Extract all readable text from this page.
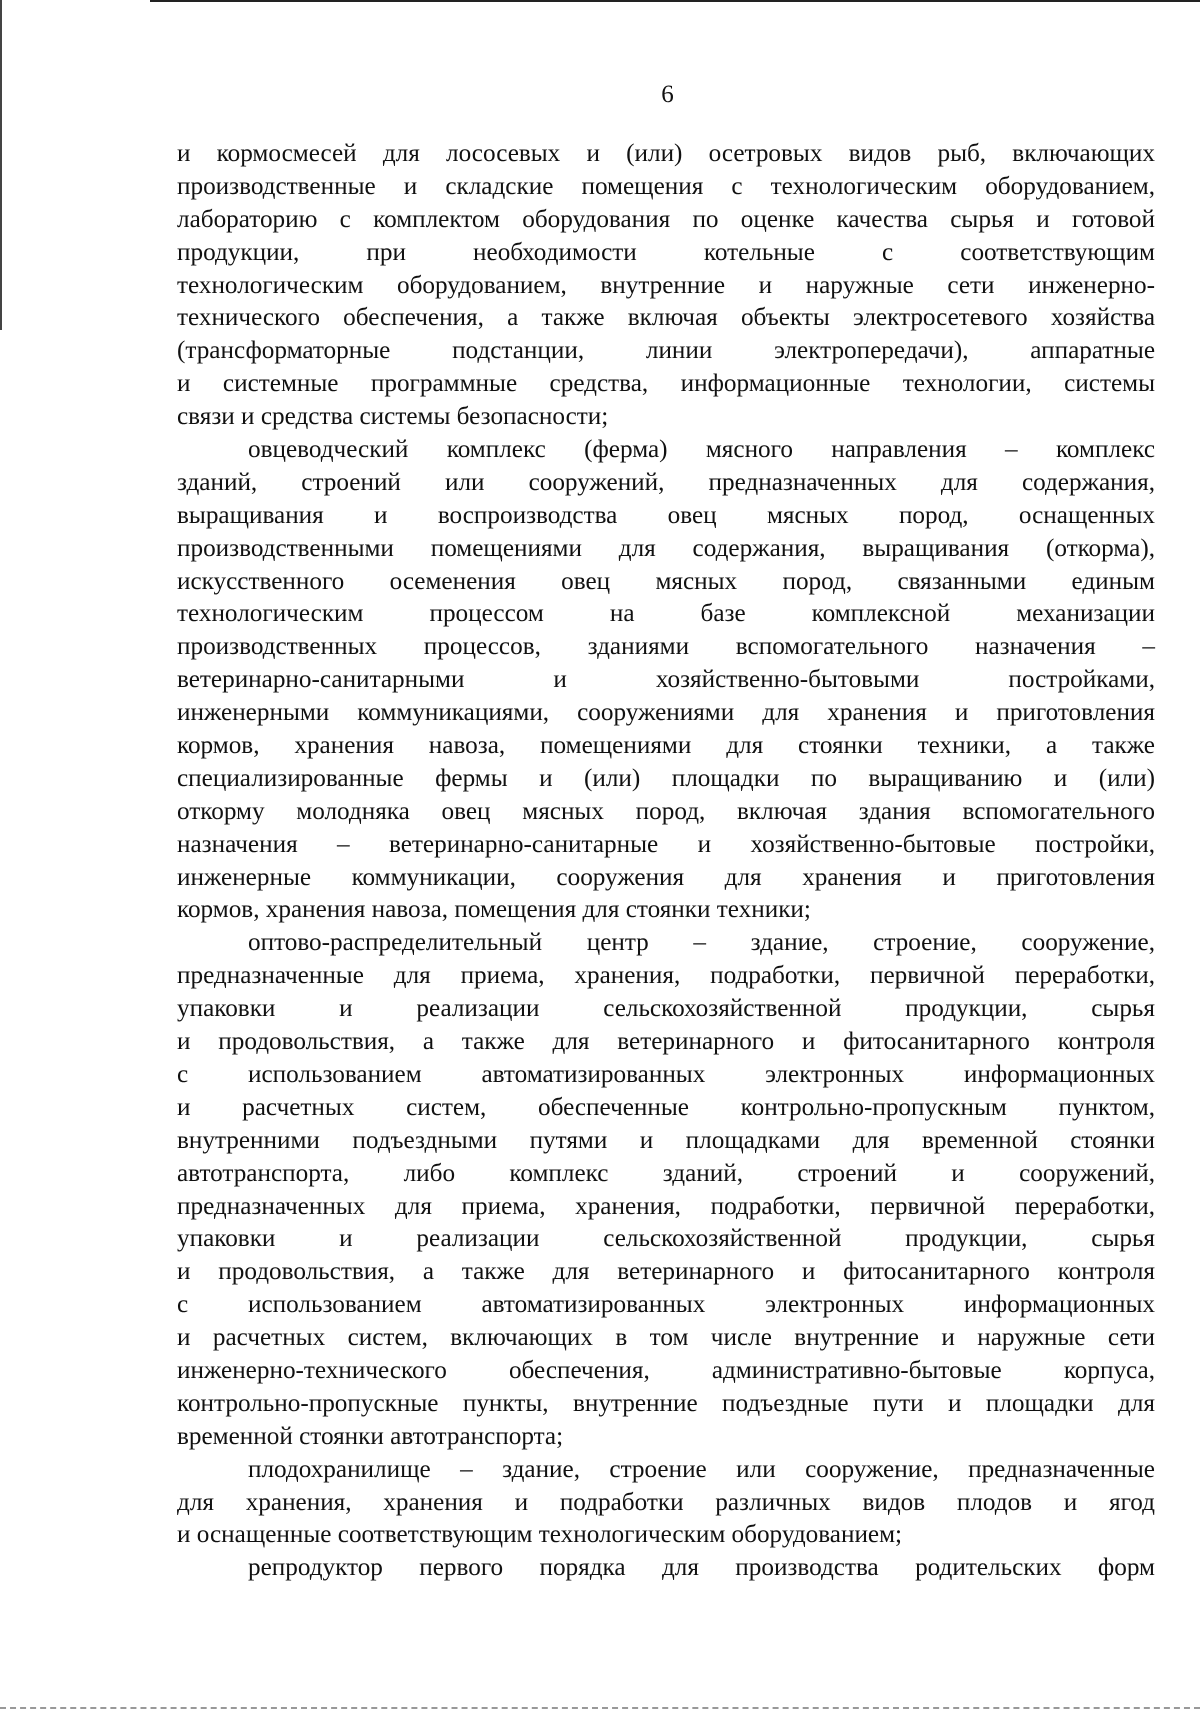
6
и кормосмесей для лососевых и (или) осетровых видов рыб, включающих
производственные и складские помещения с технологическим оборудованием,
лабораторию с комплектом оборудования по оценке качества сырья и готовой
продукции, при необходимости котельные с соответствующим
технологическим оборудованием, внутренние и наружные сети инженерно-
технического обеспечения, а также включая объекты электросетевого хозяйства
(трансформаторные подстанции, линии электропередачи), аппаратные
и системные программные средства, информационные технологии, системы
связи и средства системы безопасности;
овцеводческий комплекс (ферма) мясного направления – комплекс
зданий, строений или сооружений, предназначенных для содержания,
выращивания и воспроизводства овец мясных пород, оснащенных
производственными помещениями для содержания, выращивания (откорма),
искусственного осеменения овец мясных пород, связанными единым
технологическим процессом на базе комплексной механизации
производственных процессов, зданиями вспомогательного назначения –
ветеринарно-санитарными и хозяйственно-бытовыми постройками,
инженерными коммуникациями, сооружениями для хранения и приготовления
кормов, хранения навоза, помещениями для стоянки техники, а также
специализированные фермы и (или) площадки по выращиванию и (или)
откорму молодняка овец мясных пород, включая здания вспомогательного
назначения – ветеринарно-санитарные и хозяйственно-бытовые постройки,
инженерные коммуникации, сооружения для хранения и приготовления
кормов, хранения навоза, помещения для стоянки техники;
оптово-распределительный центр – здание, строение, сооружение,
предназначенные для приема, хранения, подработки, первичной переработки,
упаковки и реализации сельскохозяйственной продукции, сырья
и продовольствия, а также для ветеринарного и фитосанитарного контроля
с использованием автоматизированных электронных информационных
и расчетных систем, обеспеченные контрольно-пропускным пунктом,
внутренними подъездными путями и площадками для временной стоянки
автотранспорта, либо комплекс зданий, строений и сооружений,
предназначенных для приема, хранения, подработки, первичной переработки,
упаковки и реализации сельскохозяйственной продукции, сырья
и продовольствия, а также для ветеринарного и фитосанитарного контроля
с использованием автоматизированных электронных информационных
и расчетных систем, включающих в том числе внутренние и наружные сети
инженерно-технического обеспечения, административно-бытовые корпуса,
контрольно-пропускные пункты, внутренние подъездные пути и площадки для
временной стоянки автотранспорта;
плодохранилище – здание, строение или сооружение, предназначенные
для хранения, хранения и подработки различных видов плодов и ягод
и оснащенные соответствующим технологическим оборудованием;
репродуктор первого порядка для производства родительских форм
